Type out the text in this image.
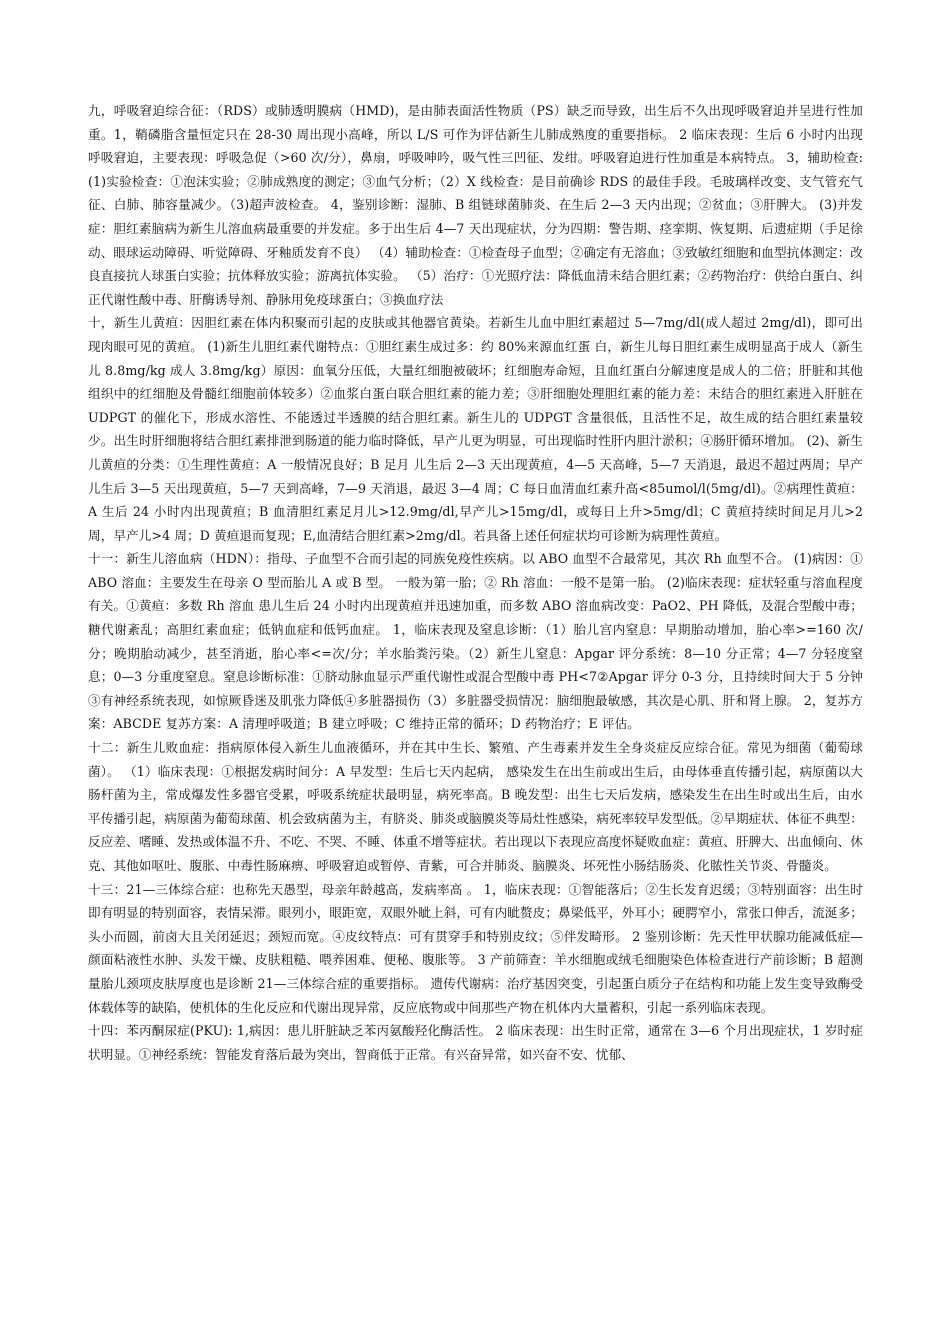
九，呼吸窘迫综合征：（RDS）或肺透明膜病（HMD)，是由肺表面活性物质（PS）缺乏而导致，出生后不久出现呼吸窘迫并呈进行性加重。1，鞘磷脂含量恒定只在 28-30 周出现小高峰，所以 L/S 可作为评估新生儿肺成熟度的重要指标。 2 临床表现：生后 6 小时内出现呼吸窘迫，主要表现：呼吸急促（>60 次/分），鼻扇，呼吸呻吟，吸气性三凹征、发绀。呼吸窘迫进行性加重是本病特点。 3，辅助检查:(1)实验检查：①泡沫实验；②肺成熟度的测定；③血气分析；（2）X 线检查：是目前确诊 RDS 的最佳手段。毛玻璃样改变、支气管充气征、白肺、肺容量减少。（3)超声波检查。 4，鉴别诊断：湿肺、B 组链球菌肺炎、在生后 2—3 天内出现；②贫血；③肝脾大。 (3)并发症：胆红素脑病为新生儿溶血病最重要的并发症。多于出生后 4—7 天出现症状，分为四期：警告期、痉挛期、恢复期、后遗症期（手足徐动、眼球运动障碍、听觉障碍、牙釉质发育不良） （4）辅助检查：①检查母子血型；②确定有无溶血；③致敏红细胞和血型抗体测定：改良直接抗人球蛋白实验；抗体释放实验；游离抗体实验。 （5）治疗：①光照疗法：降低血清未结合胆红素；②药物治疗：供给白蛋白、纠正代谢性酸中毒、肝酶诱导剂、静脉用免疫球蛋白；③换血疗法

十，新生儿黄疸：因胆红素在体内积聚而引起的皮肤或其他器官黄染。若新生儿血中胆红素超过 5—7mg/dl(成人超过 2mg/dl)，即可出现肉眼可见的黄疸。 (1)新生儿胆红素代谢特点：①胆红素生成过多：约 80%来源血红蛋 白，新生儿每日胆红素生成明显高于成人（新生儿 8.8mg/kg 成人 3.8mg/kg）原因：血氧分压低，大量红细胞被破坏；红细胞寿命短，且血红蛋白分解速度是成人的二倍；肝脏和其他组织中的红细胞及骨髓红细胞前体较多）②血浆白蛋白联合胆红素的能力差；③肝细胞处理胆红素的能力差：未结合的胆红素进入肝脏在 UDPGT 的催化下，形成水溶性、不能透过半透膜的结合胆红素。新生儿的 UDPGT 含量很低，且活性不足，故生成的结合胆红素量较少。出生时肝细胞将结合胆红素排泄到肠道的能力临时降低，早产儿更为明显，可出现临时性肝内胆汁淤积；④肠肝循环增加。 (2)、新生儿黄疸的分类：①生理性黄疸：A 一般情况良好；B 足月 儿生后 2—3 天出现黄疸，4—5 天高峰，5—7 天消退，最迟不超过两周；早产儿生后 3—5 天出现黄疸，5—7 天到高峰，7—9 天消退，最迟 3—4 周；C 每日血清血红素升高<85umol/l(5mg/dl)。②病理性黄疸：A 生后 24 小时内出现黄疸；B 血清胆红素足月儿>12.9mg/dl,早产儿>15mg/dl，或每日上升>5mg/dl；C 黄疸持续时间足月儿>2 周，早产儿>4 周；D 黄疸退而复现；E,血清结合胆红素>2mg/dl。若具备上述任何症状均可诊断为病理性黄疸。

十一：新生儿溶血病（HDN）：指母、子血型不合而引起的同族免疫性疾病。以 ABO 血型不合最常见，其次 Rh 血型不合。 (1)病因：① ABO 溶血：主要发生在母亲 O 型而胎儿 A 或 B 型。 一般为第一胎；② Rh 溶血：一般不是第一胎。 (2)临床表现：症状轻重与溶血程度有关。①黄疸：多数 Rh 溶血 患儿生后 24 小时内出现黄疸并迅速加重，而多数 ABO 溶血病改变：PaO2、PH 降低，及混合型酸中毒；糖代谢紊乱；高胆红素血症；低钠血症和低钙血症。 1，临床表现及窒息诊断：（1）胎儿宫内窒息：早期胎动增加，胎心率>=160 次/分；晚期胎动减少，甚至消逝，胎心率<=次/分；羊水胎粪污染。（2）新生儿窒息：Apgar 评分系统：8—10 分正常；4—7 分轻度窒息；0—3 分重度窒息。窒息诊断标准：①脐动脉血显示严重代谢性或混合型酸中毒 PH<7②Apgar 评分 0-3 分，且持续时间大于 5 分钟③有神经系统表现，如惊厥昏迷及肌张力降低④多脏器损伤（3）多脏器受损情况：脑细胞最敏感，其次是心肌、肝和肾上腺。 2，复苏方案：ABCDE 复苏方案：A 清理呼吸道；B 建立呼吸；C 维持正常的循环；D 药物治疗；E 评估。

十二：新生儿败血症：指病原体侵入新生儿血液循环，并在其中生长、繁殖、产生毒素并发生全身炎症反应综合征。常见为细菌（葡萄球菌）。 （1）临床表现：①根据发病时间分：A 早发型：生后七天内起病， 感染发生在出生前或出生后，由母体垂直传播引起，病原菌以大肠杆菌为主，常成爆发性多器官受累，呼吸系统症状最明显，病死率高。B 晚发型：出生七天后发病，感染发生在出生时或出生后，由水平传播引起，病原菌为葡萄球菌、机会致病菌为主，有脐炎、肺炎或脑膜炎等局灶性感染，病死率较早发型低。②早期症状、体征不典型：反应差、嗜睡、发热或体温不升、不吃、不哭、不睡、体重不增等症状。若出现以下表现应高度怀疑败血症：黄疸、肝脾大、出血倾向、休克、其他如呕吐、腹胀、中毒性肠麻痹、呼吸窘迫或暂停、青紫，可合并肺炎、脑膜炎、坏死性小肠结肠炎、化脓性关节炎、骨髓炎。

十三：21—三体综合症：也称先天愚型，母亲年龄越高，发病率高 。 1，临床表现：①智能落后；②生长发育迟缓；③特别面容：出生时即有明显的特别面容，表情呆滞。眼列小，眼距宽，双眼外眦上斜，可有内眦赘皮；鼻梁低平，外耳小；硬腭窄小，常张口伸舌，流涎多；头小而圆，前卤大且关闭延迟；颈短而宽。④皮纹特点：可有贯穿手和特别皮纹；⑤伴发畸形。 2 鉴别诊断：先天性甲状腺功能减低症—颜面粘液性水肿、头发干燥、皮肤粗糙、喂养困难、便秘、腹胀等。 3 产前筛查：羊水细胞或绒毛细胞染色体检查进行产前诊断；B 超测量胎儿颈项皮肤厚度也是诊断 21—三体综合症的重要指标。 遗传代谢病：治疗基因突变，引起蛋白质分子在结构和功能上发生变导致酶受体载体等的缺陷，使机体的生化反应和代谢出现异常，反应底物或中间那些产物在机体内大量蓄积，引起一系列临床表现。

十四：苯丙酮尿症(PKU): 1,病因：患儿肝脏缺乏苯丙氨酸羟化酶活性。 2 临床表现：出生时正常，通常在 3—6 个月出现症状，1 岁时症状明显。①神经系统：智能发育落后最为突出，智商低于正常。有兴奋异常，如兴奋不安、忧郁、
